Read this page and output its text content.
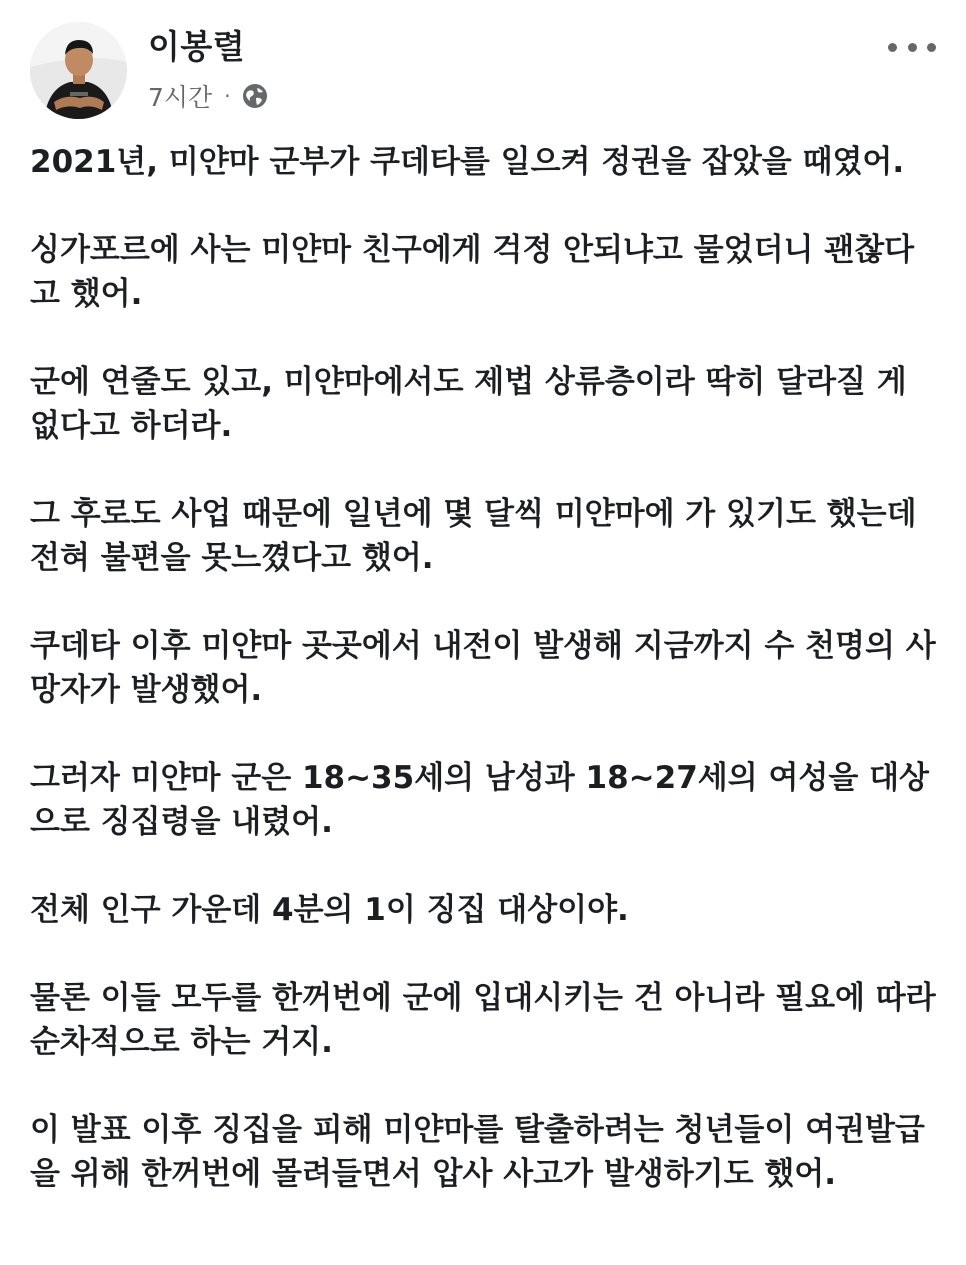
이봉렬
7시간 ·

2021년, 미얀마 군부가 쿠데타를 일으켜 정권을 잡았을 때였어.

싱가포르에 사는 미얀마 친구에게 걱정 안되냐고 물었더니 괜찮다고 했어.

군에 연줄도 있고, 미얀마에서도 제법 상류층이라 딱히 달라질 게 없다고 하더라.

그 후로도 사업 때문에 일년에 몇 달씩 미얀마에 가 있기도 했는데 전혀 불편을 못느꼈다고 했어.

쿠데타 이후 미얀마 곳곳에서 내전이 발생해 지금까지 수 천명의 사망자가 발생했어.

그러자 미얀마 군은 18~35세의 남성과 18~27세의 여성을 대상으로 징집령을 내렸어.

전체 인구 가운데 4분의 1이 징집 대상이야.

물론 이들 모두를 한꺼번에 군에 입대시키는 건 아니라 필요에 따라 순차적으로 하는 거지.

이 발표 이후 징집을 피해 미얀마를 탈출하려는 청년들이 여권발급을 위해 한꺼번에 몰려들면서 압사 사고가 발생하기도 했어.
